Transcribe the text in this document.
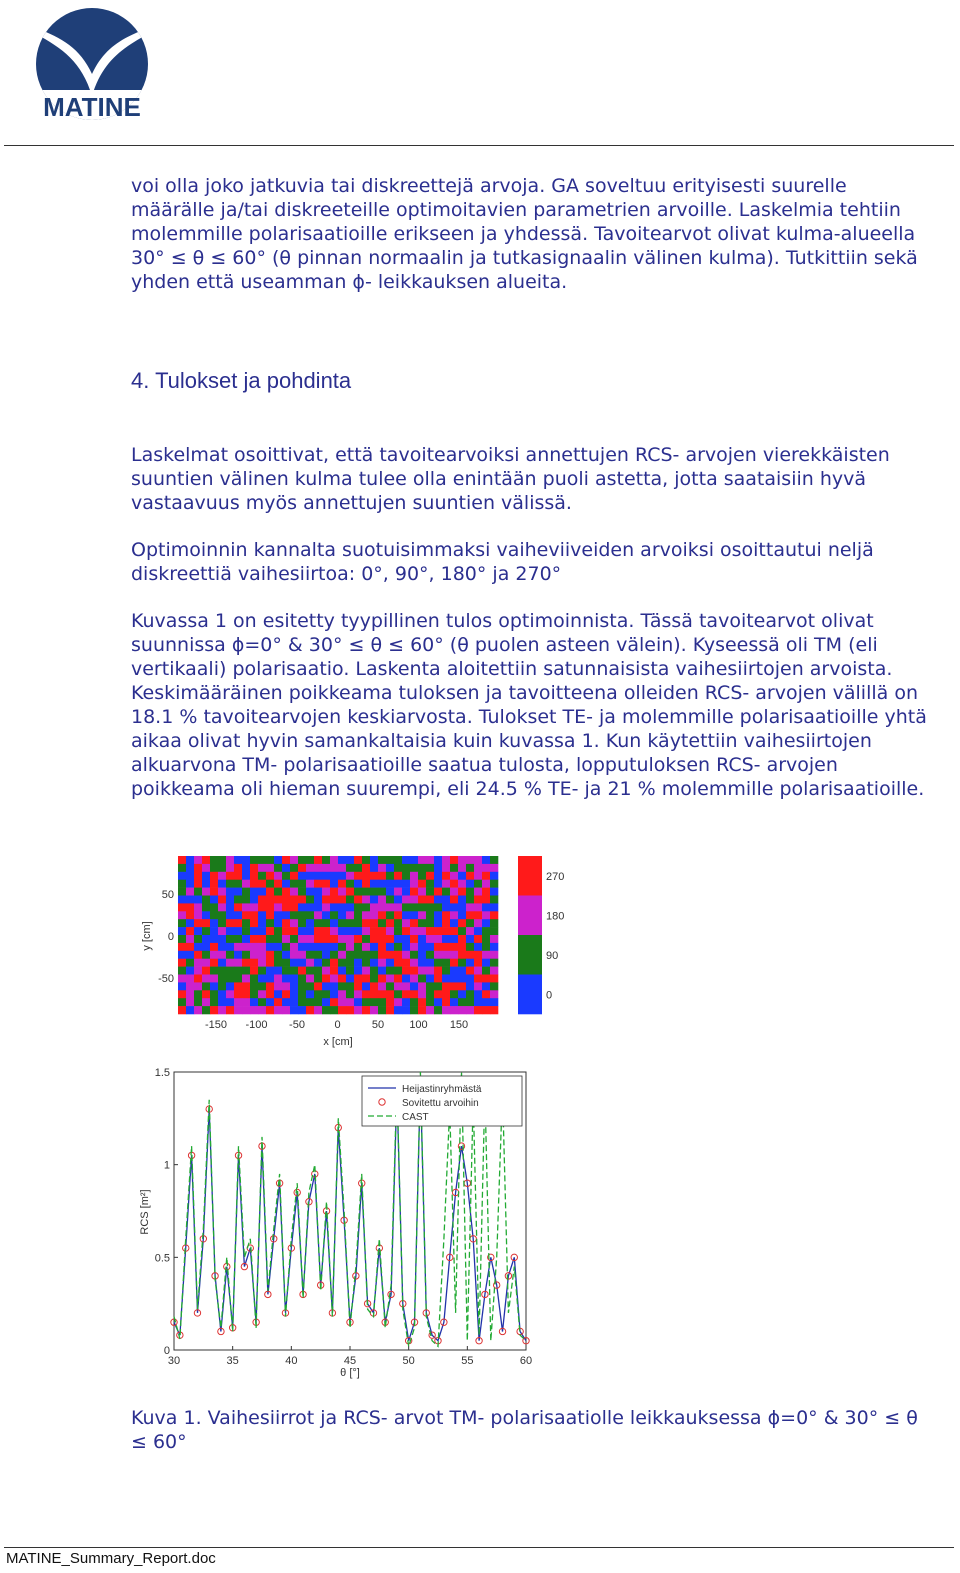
MATINE

voi olla joko jatkuvia tai diskreettejä arvoja. GA soveltuu erityisesti suurelle määrälle ja/tai diskreeteille optimoitavien parametrien arvoille. Laskelmia tehtiin molemmille polarisaatioille erikseen ja yhdessä. Tavoitearvot olivat kulma-alueella 30° ≤ θ ≤ 60° (θ pinnan normaalin ja tutkasignaalin välinen kulma). Tutkittiin sekä yhden että useamman ϕ- leikkauksen alueita.

4. Tulokset ja pohdinta

Laskelmat osoittivat, että tavoitearvoiksi annettujen RCS- arvojen vierekkäisten suuntien välinen kulma tulee olla enintään puoli astetta, jotta saataisiin hyvä vastaavuus myös annettujen suuntien välissä.

Optimoinnin kannalta suotuisimmaksi vaiheviiveiden arvoiksi osoittautui neljä diskreettiä vaihesiirtoa: 0°, 90°, 180° ja 270°

Kuvassa 1 on esitetty tyypillinen tulos optimoinnista. Tässä tavoitearvot olivat suunnissa ϕ=0° & 30° ≤ θ ≤ 60° (θ puolen asteen välein). Kyseessä oli TM (eli vertikaali) polarisaatio. Laskenta aloitettiin satunnaisista vaihesiirtojen arvoista. Keskimääräinen poikkeama tuloksen ja tavoitteena olleiden RCS- arvojen välillä on 18.1 % tavoitearvojen keskiarvosta. Tulokset TE- ja molemmille polarisaatioille yhtä aikaa olivat hyvin samankaltaisia kuin kuvassa 1. Kun käytettiin vaihesiirtojen alkuarvona TM- polarisaatioille saatua tulosta, lopputuloksen RCS- arvojen poikkeama oli hieman suurempi, eli 24.5 % TE- ja 21 % molemmille polarisaatioille.

270
180
90
0
-150 -100 -50	0	50 100 150
50
0
-50
x [cm]
y [cm]
30	35	40	45	50	55	60
0
0.5
1
1.5
Heijastinryhmästä
Sovitettu arvoihin
CAST
θ [°]
RCS [m²]
Kuva 1. Vaihesiirrot ja RCS- arvot TM- polarisaatiolle leikkauksessa ϕ=0° & 30° ≤ θ ≤ 60°
MATINE_Summary_Report.doc
